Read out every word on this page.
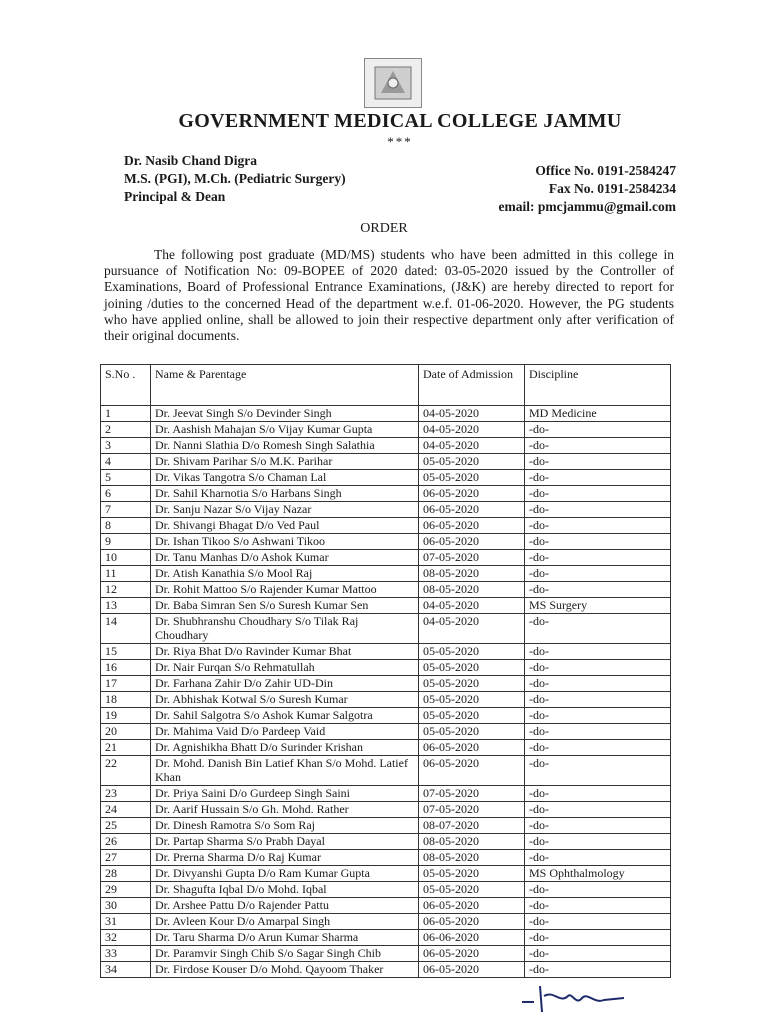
GOVERNMENT MEDICAL COLLEGE JAMMU
***
Dr. Nasib Chand Digra
M.S. (PGI), M.Ch. (Pediatric Surgery)
Principal & Dean
Office No. 0191-2584247
Fax No. 0191-2584234
email: pmcjammu@gmail.com
ORDER
The following post graduate (MD/MS) students who have been admitted in this college in pursuance of Notification No: 09-BOPEE of 2020 dated: 03-05-2020 issued by the Controller of Examinations, Board of Professional Entrance Examinations, (J&K) are hereby directed to report for joining /duties to the concerned Head of the department w.e.f. 01-06-2020. However, the PG students who have applied online, shall be allowed to join their respective department only after verification of their original documents.
S.No .	Name & Parentage	Date of Admission	Discipline
1	Dr. Jeevat Singh S/o Devinder Singh	04-05-2020	MD Medicine
2	Dr. Aashish Mahajan S/o Vijay Kumar Gupta	04-05-2020	-do-
3	Dr. Nanni Slathia D/o Romesh Singh Salathia	04-05-2020	-do-
4	Dr. Shivam Parihar S/o M.K. Parihar	05-05-2020	-do-
5	Dr. Vikas Tangotra S/o Chaman Lal	05-05-2020	-do-
6	Dr. Sahil Kharnotia S/o Harbans Singh	06-05-2020	-do-
7	Dr. Sanju Nazar S/o Vijay Nazar	06-05-2020	-do-
8	Dr. Shivangi Bhagat D/o Ved Paul	06-05-2020	-do-
9	Dr. Ishan Tikoo S/o Ashwani Tikoo	06-05-2020	-do-
10	Dr. Tanu Manhas D/o Ashok Kumar	07-05-2020	-do-
11	Dr. Atish Kanathia S/o Mool Raj	08-05-2020	-do-
12	Dr. Rohit Mattoo S/o Rajender Kumar Mattoo	08-05-2020	-do-
13	Dr. Baba Simran Sen S/o Suresh Kumar Sen	04-05-2020	MS Surgery
14	Dr. Shubhranshu Choudhary S/o Tilak Raj Choudhary	04-05-2020	-do-
15	Dr. Riya Bhat D/o Ravinder Kumar Bhat	05-05-2020	-do-
16	Dr. Nair Furqan S/o Rehmatullah	05-05-2020	-do-
17	Dr. Farhana Zahir D/o Zahir UD-Din	05-05-2020	-do-
18	Dr. Abhishak Kotwal S/o Suresh Kumar	05-05-2020	-do-
19	Dr. Sahil Salgotra S/o Ashok Kumar Salgotra	05-05-2020	-do-
20	Dr. Mahima Vaid D/o Pardeep Vaid	05-05-2020	-do-
21	Dr. Agnishikha Bhatt D/o Surinder Krishan	06-05-2020	-do-
22	Dr. Mohd. Danish Bin Latief Khan S/o Mohd. Latief Khan	06-05-2020	-do-
23	Dr. Priya Saini D/o Gurdeep Singh Saini	07-05-2020	-do-
24	Dr. Aarif Hussain S/o Gh. Mohd. Rather	07-05-2020	-do-
25	Dr. Dinesh Ramotra S/o Som Raj	08-07-2020	-do-
26	Dr. Partap Sharma S/o Prabh Dayal	08-05-2020	-do-
27	Dr. Prerna Sharma D/o Raj Kumar	08-05-2020	-do-
28	Dr. Divyanshi Gupta D/o Ram Kumar Gupta	05-05-2020	MS Ophthalmology
29	Dr. Shagufta Iqbal D/o Mohd. Iqbal	05-05-2020	-do-
30	Dr. Arshee Pattu D/o Rajender Pattu	06-05-2020	-do-
31	Dr. Avleen Kour D/o Amarpal Singh	06-05-2020	-do-
32	Dr. Taru Sharma D/o Arun Kumar Sharma	06-06-2020	-do-
33	Dr. Paramvir Singh Chib S/o Sagar Singh Chib	06-05-2020	-do-
34	Dr. Firdose Kouser D/o Mohd. Qayoom Thaker	06-05-2020	-do-
